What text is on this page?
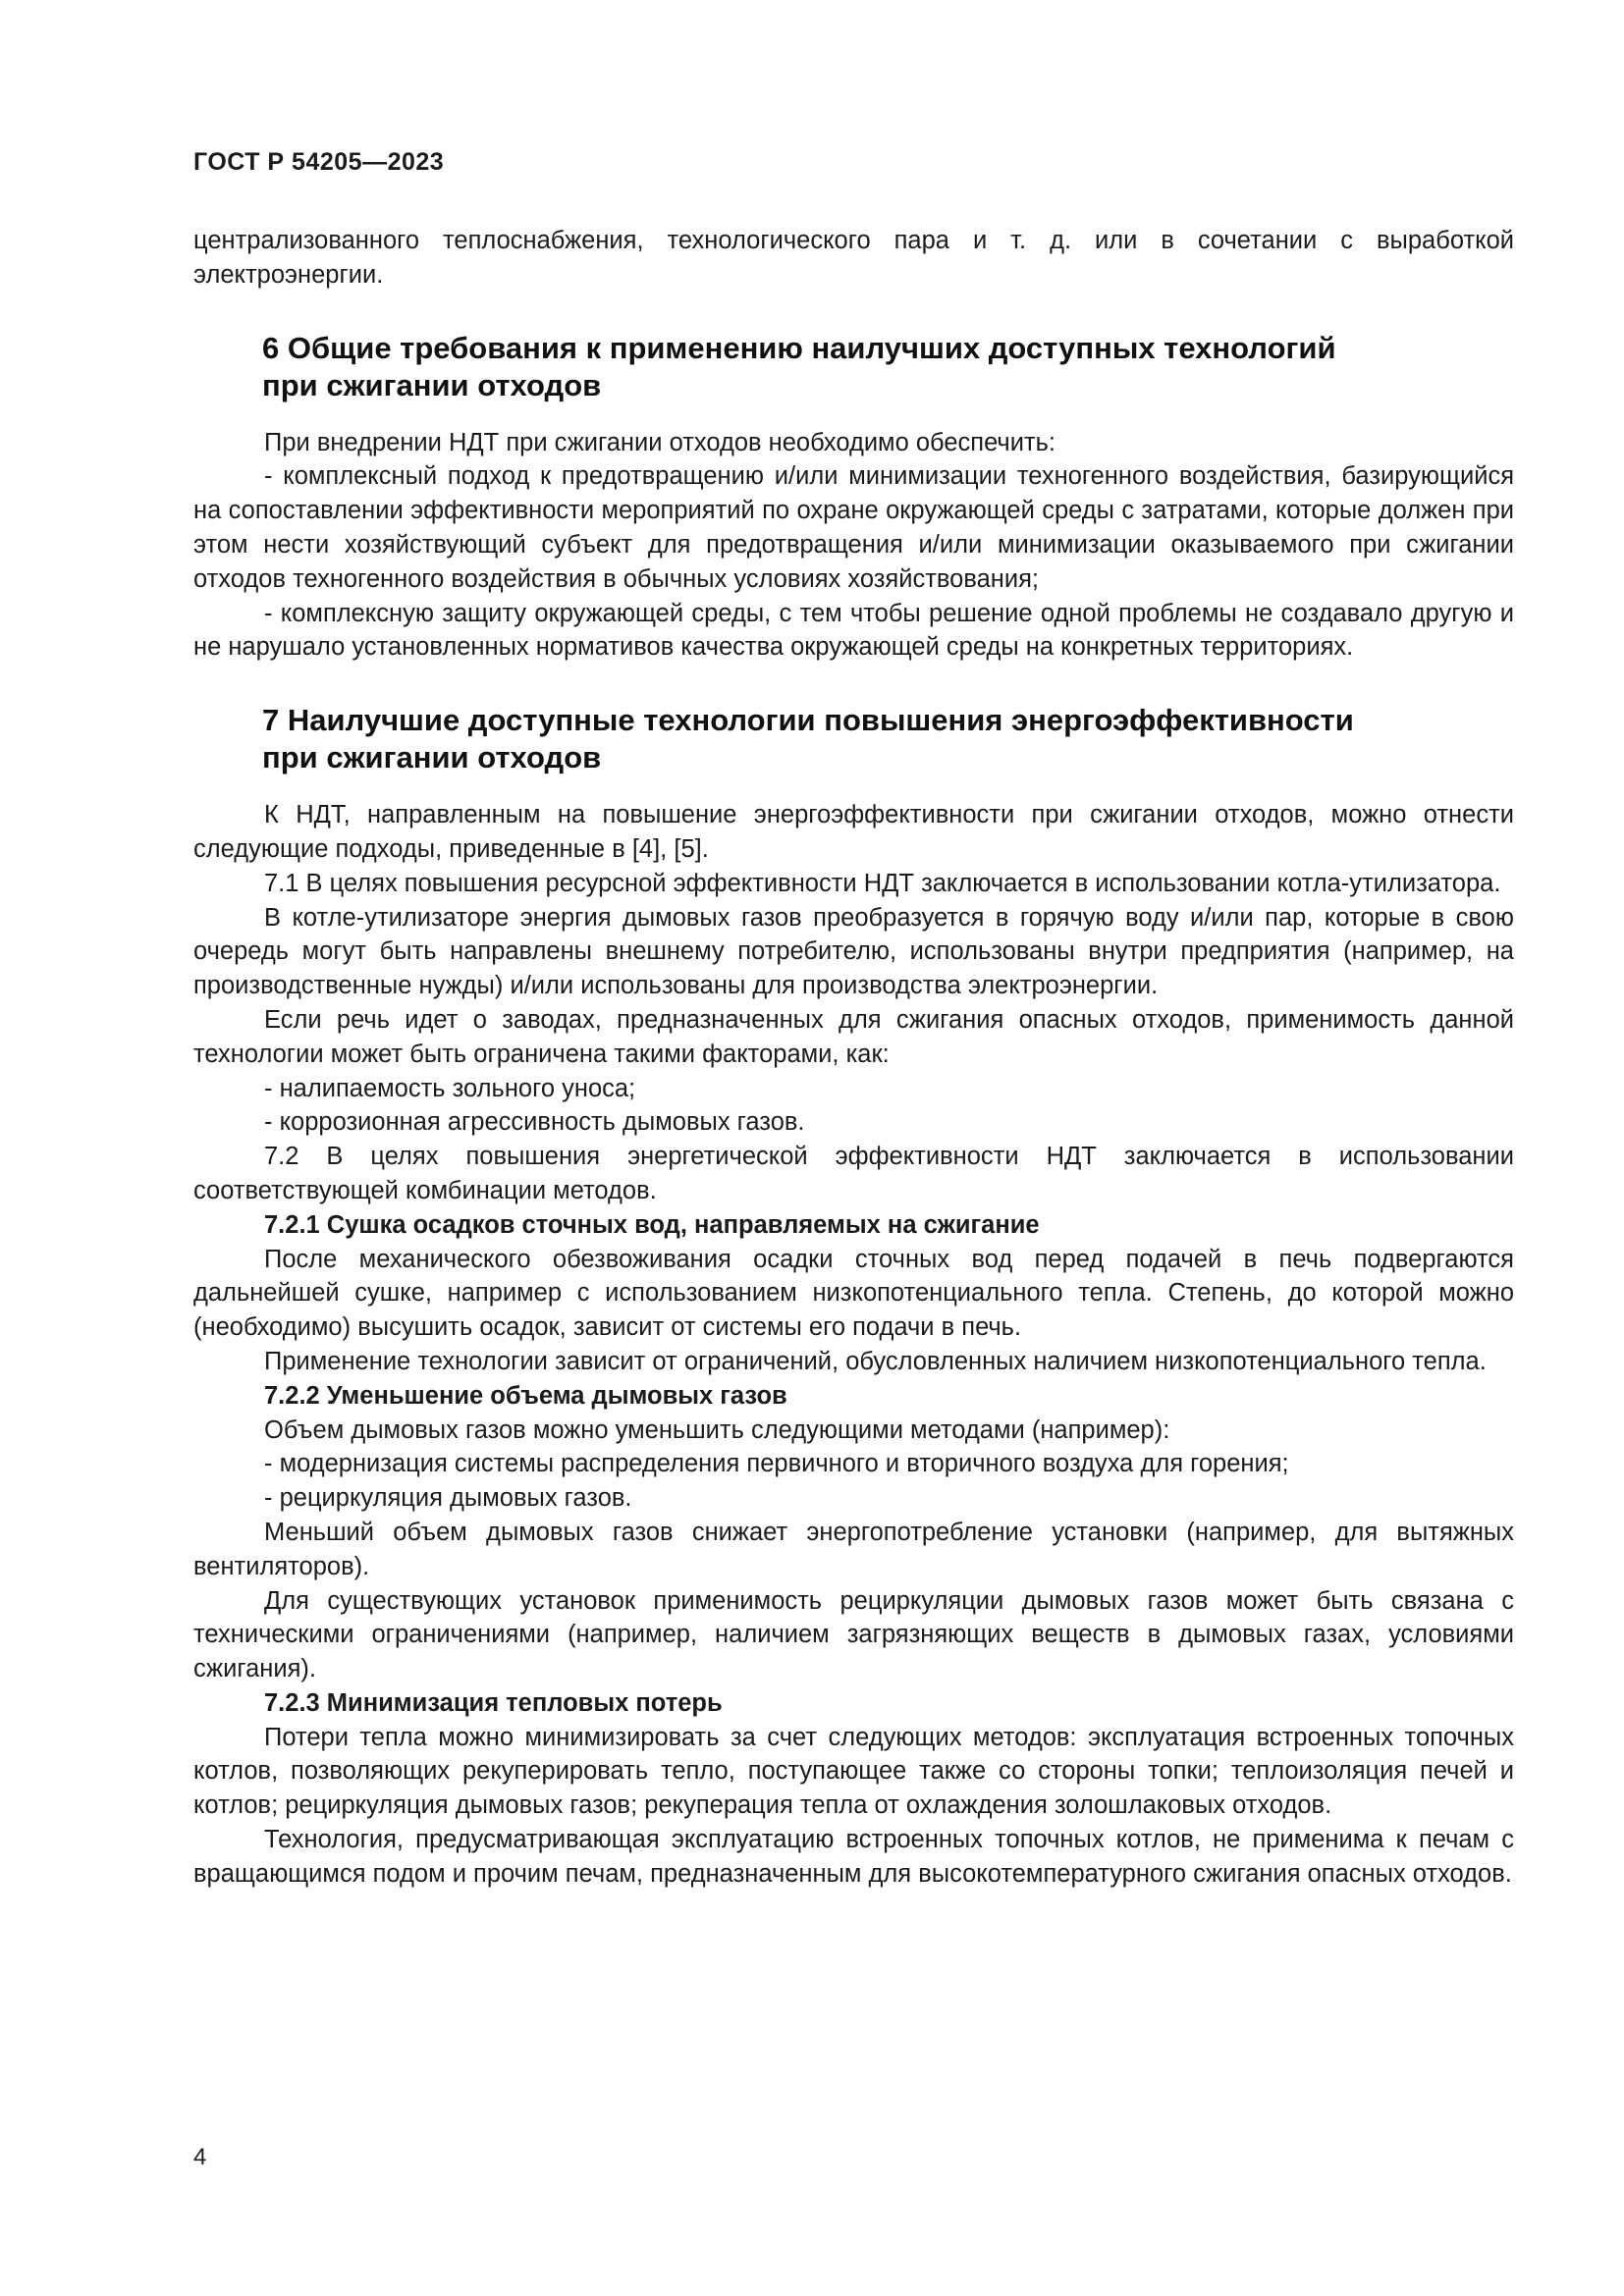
ГОСТ Р 54205—2023

централизованного теплоснабжения, технологического пара и т. д. или в сочетании с выработкой электроэнергии.

6 Общие требования к применению наилучших доступных технологий
при сжигании отходов

При внедрении НДТ при сжигании отходов необходимо обеспечить:

- комплексный подход к предотвращению и/или минимизации техногенного воздействия, базирующийся на сопоставлении эффективности мероприятий по охране окружающей среды с затратами, которые должен при этом нести хозяйствующий субъект для предотвращения и/или минимизации оказываемого при сжигании отходов техногенного воздействия в обычных условиях хозяйствования;

- комплексную защиту окружающей среды, с тем чтобы решение одной проблемы не создавало другую и не нарушало установленных нормативов качества окружающей среды на конкретных территориях.

7 Наилучшие доступные технологии повышения энергоэффективности
при сжигании отходов

К НДТ, направленным на повышение энергоэффективности при сжигании отходов, можно отнести следующие подходы, приведенные в [4], [5].

7.1 В целях повышения ресурсной эффективности НДТ заключается в использовании котла-утилизатора.

В котле-утилизаторе энергия дымовых газов преобразуется в горячую воду и/или пар, которые в свою очередь могут быть направлены внешнему потребителю, использованы внутри предприятия (например, на производственные нужды) и/или использованы для производства электроэнергии.

Если речь идет о заводах, предназначенных для сжигания опасных отходов, применимость данной технологии может быть ограничена такими факторами, как:

- налипаемость зольного уноса;

- коррозионная агрессивность дымовых газов.

7.2 В целях повышения энергетической эффективности НДТ заключается в использовании соответствующей комбинации методов.

7.2.1 Сушка осадков сточных вод, направляемых на сжигание

После механического обезвоживания осадки сточных вод перед подачей в печь подвергаются дальнейшей сушке, например с использованием низкопотенциального тепла. Степень, до которой можно (необходимо) высушить осадок, зависит от системы его подачи в печь.

Применение технологии зависит от ограничений, обусловленных наличием низкопотенциального тепла.

7.2.2 Уменьшение объема дымовых газов

Объем дымовых газов можно уменьшить следующими методами (например):

- модернизация системы распределения первичного и вторичного воздуха для горения;

- рециркуляция дымовых газов.

Меньший объем дымовых газов снижает энергопотребление установки (например, для вытяжных вентиляторов).

Для существующих установок применимость рециркуляции дымовых газов может быть связана с техническими ограничениями (например, наличием загрязняющих веществ в дымовых газах, условиями сжигания).

7.2.3 Минимизация тепловых потерь

Потери тепла можно минимизировать за счет следующих методов: эксплуатация встроенных топочных котлов, позволяющих рекуперировать тепло, поступающее также со стороны топки; теплоизоляция печей и котлов; рециркуляция дымовых газов; рекуперация тепла от охлаждения золошлаковых отходов.

Технология, предусматривающая эксплуатацию встроенных топочных котлов, не применима к печам с вращающимся подом и прочим печам, предназначенным для высокотемпературного сжигания опасных отходов.

4
